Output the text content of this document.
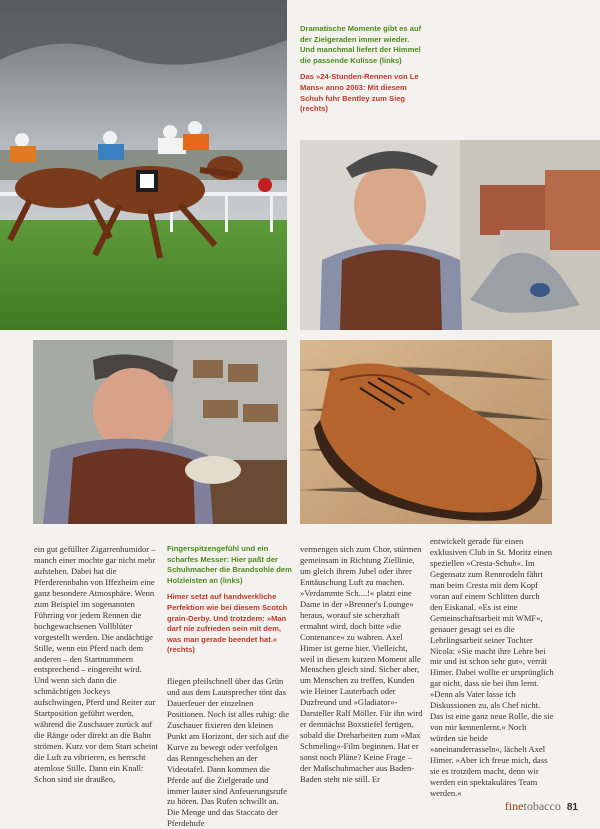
Dramatische Momente gibt es auf der Zielgeraden immer wieder. Und manchmal liefert der Himmel die passende Kulisse (links)

Das »24-Stunden-Rennen von Le Mans« anno 2003: Mit diesem Schuh fuhr Bentley zum Sieg (rechts)

Fingerspitzengefühl und ein scharfes Messer: Hier paßt der Schuhmacher die Brandsohle dem Holzleisten an (links)

Himer setzt auf handwerkliche Perfektion wie bei diesem Scotch grain-Derby. Und trotzdem: »Man darf nie zufrieden sein mit dem, was man gerade beendet hat.« (rechts)

ein gut gefüllter Zigarrenhumidor – manch einer mochte gar nicht mehr aufstehen. Dabei hat die Pferderennbahn von Iffezheim eine ganz besondere Atmosphäre. Wenn zum Beispiel im sogenannten Führring vor jedem Rennen die hochgewachsenen Vollblüter vorgestellt werden. Die andächtige Stille, wenn ein Pferd nach dem anderen – den Startnummern entsprechend – eingereiht wird. Und wenn sich dann die schmächtigen Jockeys aufschwingen, Pferd und Reiter zur Startposition geführt werden, während die Zuschauer zurück auf die Ränge oder direkt an die Bahn strömen. Kurz vor dem Start scheint die Luft zu vibrieren, es herrscht atemlose Stille. Dann ein Knall: Schon sind sie draußen,

fliegen pfeilschnell über das Grün und aus dem Lautsprecher tönt das Dauerfeuer der einzelnen Positionen. Noch ist alles ruhig: die Zuschauer fixieren den kleinen Punkt am Horizont, der sich auf die Kurve zu bewegt oder verfolgen das Renngeschehen an der Videotafel. Dann kommen die Pferde auf die Zielgerade und immer lauter sind Anfeuerungsrufe zu hören. Das Rufen schwillt an. Die Menge und das Staccato der Pferdehufe

vermengen sich zum Chor, stürmen gemeinsam in Richtung Ziellinie, um gleich ihrem Jubel oder ihrer Enttäuschung Luft zu machen. »Verdammte Sch....!« platzt eine Dame in der »Brenner's Lounge« heraus, worauf sie scherzhaft ermahnt wird, doch bitte »die Contenance« zu wahren. Axel Himer ist gerne hier. Vielleicht, weil in diesem kurzen Moment alle Menschen gleich sind. Sicher aber, um Menschen zu treffen, Kunden wie Heiner Lauterbach oder Duzfreund und »Gladiator«-Darsteller Ralf Möller. Für ihn wird er demnächst Boxstiefel fertigen, sobald die Dreharbeiten zum »Max Schmeling«-Film beginnen. Hat er sonst noch Pläne? Keine Frage – der Maßschuhmacher aus Baden-Baden steht nie still. Er

entwickelt gerade für einen exklusiven Club in St. Moritz einen speziellen »Cresta-Schuh«. Im Gegensatz zum Rennrodeln fährt man beim Cresta mit dem Kopf voran auf einem Schlitten durch den Eiskanal. »Es ist eine Gemeinschaftsarbeit mit WMF«, genauer gesagt sei es die Lehrlingsarbeit seiner Tochter Nicola: »Sie macht ihre Lehre bei mir und ist schon sehr gut«, verrät Himer. Dabei wollte er ursprünglich gar nicht, dass sie bei ihm lernt. »Denn als Vater lasse ich Diskussionen zu, als Chef nicht. Das ist eine ganz neue Rolle, die sie von mir kennenlernt.« Noch würden sie beide »aneinanderrasseln«, lächelt Axel Himer. »Aber ich freue mich, dass sie es trotzdem macht, denn wir werden ein spektakuläres Team werden.«

finetobacco 81
